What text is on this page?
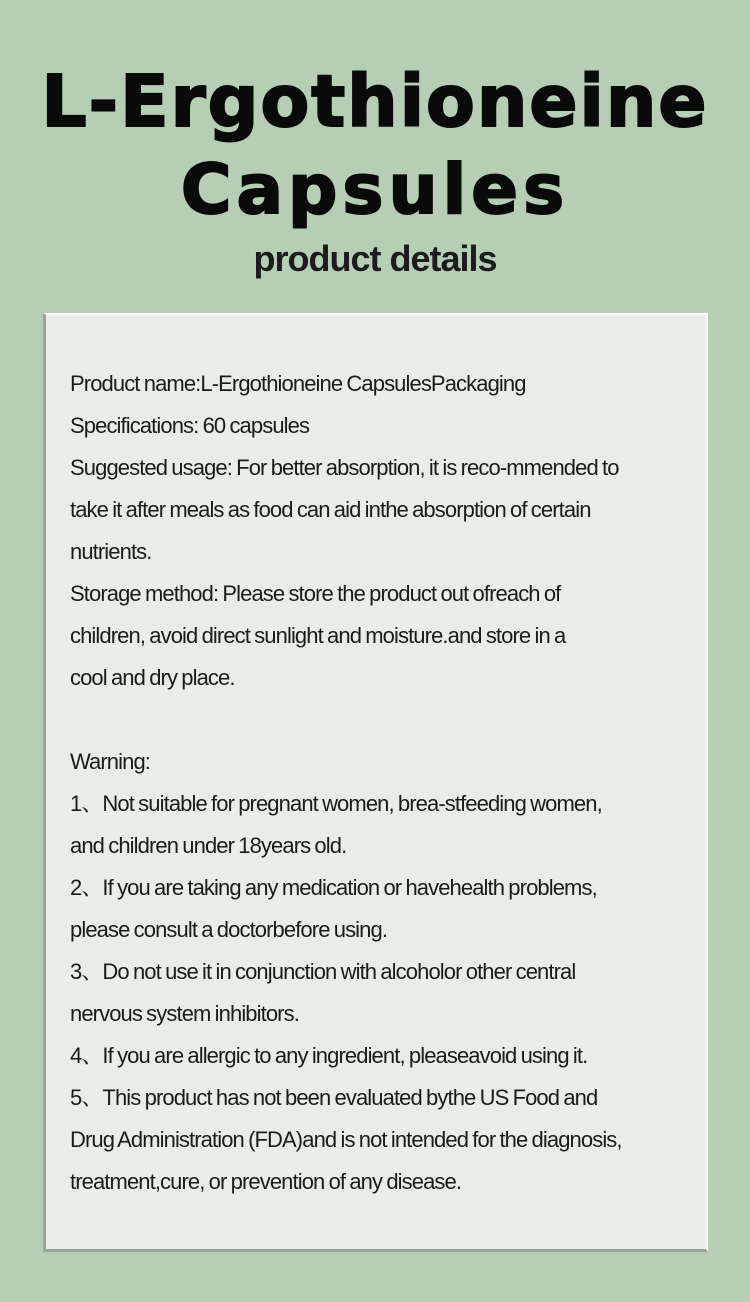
L-Ergothioneine
Capsules
product details

Product name:L-Ergothioneine CapsulesPackaging

Specifications: 60 capsules

Suggested usage: For better absorption, it is reco-mmended to

take it after meals as food can aid inthe absorption of certain

nutrients.

Storage method: Please store the product out ofreach of

children, avoid direct sunlight and moisture.and store in a

cool and dry place.

Warning:

1、Not suitable for pregnant women, brea-stfeeding women,

and children under 18years old.

2、If you are taking any medication or havehealth problems,

please consult a doctorbefore using.

3、Do not use it in conjunction with alcoholor other central

nervous system inhibitors.

4、If you are allergic to any ingredient, pleaseavoid using it.

5、This product has not been evaluated bythe US Food and

Drug Administration (FDA)and is not intended for the diagnosis,

treatment,cure, or prevention of any disease.
